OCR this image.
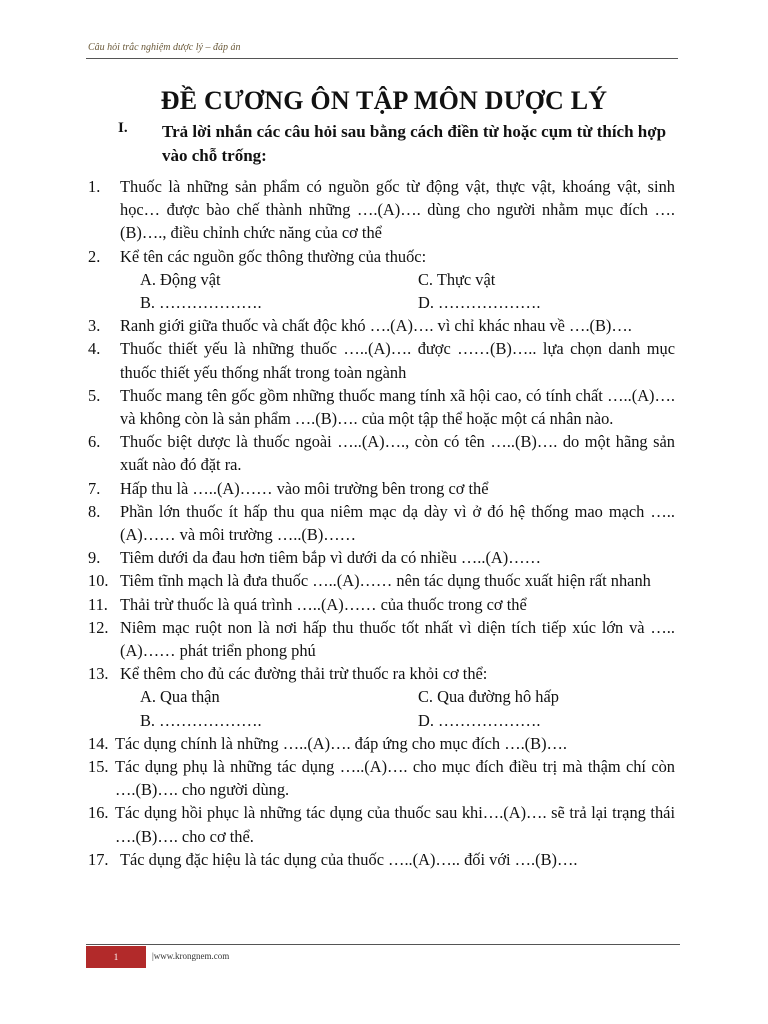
Câu hỏi trắc nghiệm dược lý – đáp án
ĐỀ CƯƠNG ÔN TẬP MÔN DƯỢC LÝ
I. Trả lời nhắn các câu hỏi sau bằng cách điền từ hoặc cụm từ thích hợp vào chỗ trống:

1.	Thuốc là những sản phẩm có nguồn gốc từ động vật, thực vật, khoáng vật, sinh học… được bào chế thành những ….(A)…. dùng cho người nhằm mục đích ….(B)…., điều chỉnh chức năng của cơ thể

2.	Kể tên các nguồn gốc thông thường của thuốc:

A. Động vật	C. Thực vật
B. ……………….	D. ……………….

3.	Ranh giới giữa thuốc và chất độc khó ….(A)…. vì chỉ khác nhau về ….(B)….

4.	Thuốc thiết yếu là những thuốc …..(A)…. được ……(B)….. lựa chọn danh mục thuốc thiết yếu thống nhất trong toàn ngành

5.	Thuốc mang tên gốc gồm những thuốc mang tính xã hội cao, có tính chất …..(A)…. và không còn là sản phẩm ….(B)…. của một tập thể hoặc một cá nhân nào.

6.	Thuốc biệt dược là thuốc ngoài …..(A)…., còn có tên …..(B)…. do một hãng sản xuất nào đó đặt ra.

7.	Hấp thu là …..(A)…… vào môi trường bên trong cơ thể

8.	Phần lớn thuốc ít hấp thu qua niêm mạc dạ dày vì ở đó hệ thống mao mạch …..(A)…… và môi trường …..(B)……

9.	Tiêm dưới da đau hơn tiêm bắp vì dưới da có nhiều …..(A)……

10. Tiêm tĩnh mạch là đưa thuốc …..(A)…… nên tác dụng thuốc xuất hiện rất nhanh

11. Thải trừ thuốc là quá trình …..(A)…… của thuốc trong cơ thể

12. Niêm mạc ruột non là nơi hấp thu thuốc tốt nhất vì diện tích tiếp xúc lớn và …..(A)…… phát triển phong phú

13. Kể thêm cho đủ các đường thải trừ thuốc ra khỏi cơ thể:

A. Qua thận	C. Qua đường hô hấp
B. ……………….	D. ……………….

14. Tác dụng chính là những …..(A)…. đáp ứng cho mục đích ….(B)….

15. Tác dụng phụ là những tác dụng …..(A)…. cho mục đích điều trị mà thậm chí còn ….(B)…. cho người dùng.

16. Tác dụng hồi phục là những tác dụng của thuốc sau khi….(A)…. sẽ trả lại trạng thái ….(B)…. cho cơ thể.

17. Tác dụng đặc hiệu là tác dụng của thuốc …..(A)….. đối với ….(B)….

1	|www.krongnem.com
